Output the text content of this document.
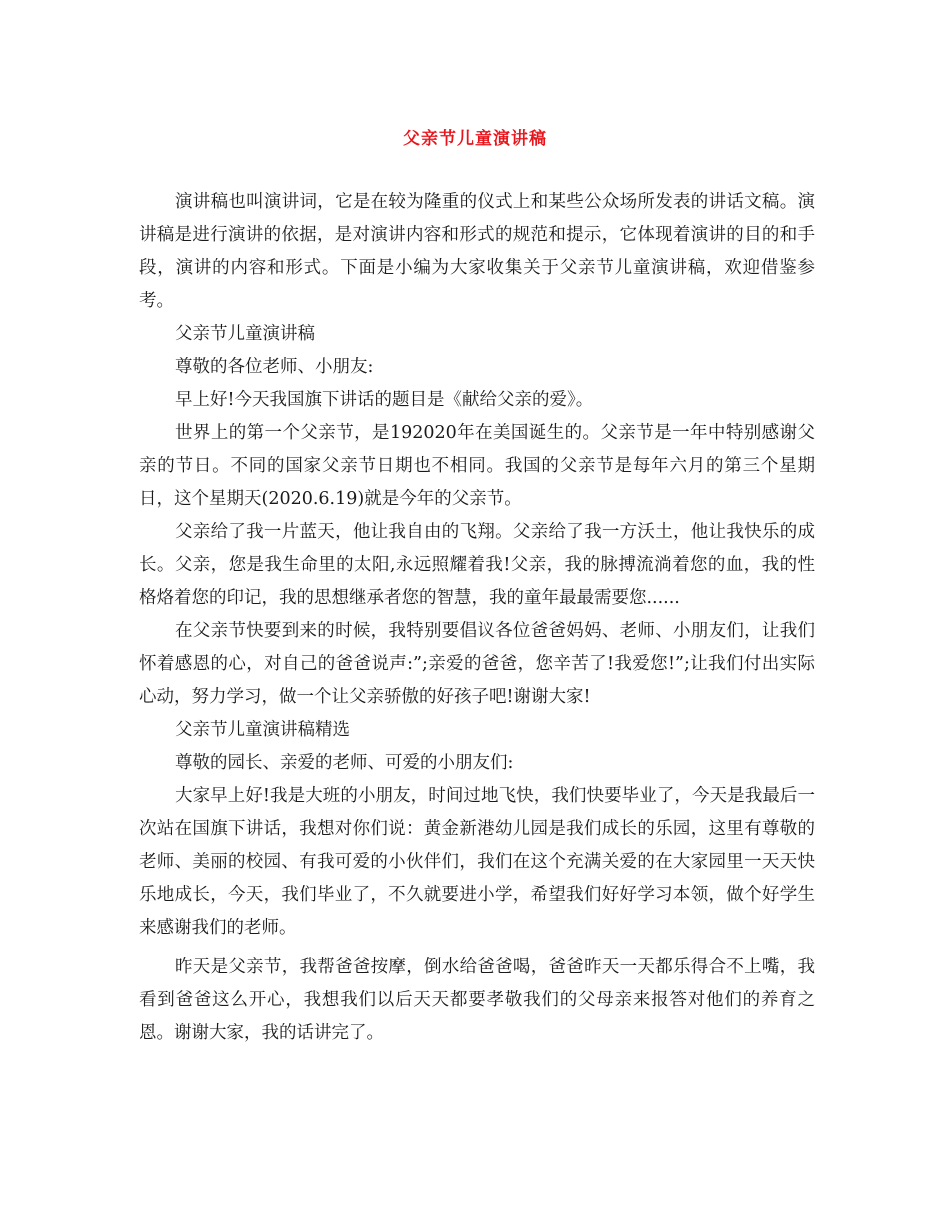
父亲节儿童演讲稿

演讲稿也叫演讲词，它是在较为隆重的仪式上和某些公众场所发表的讲话文稿。演讲稿是进行演讲的依据，是对演讲内容和形式的规范和提示，它体现着演讲的目的和手段，演讲的内容和形式。下面是小编为大家收集关于父亲节儿童演讲稿，欢迎借鉴参考。

父亲节儿童演讲稿

尊敬的各位老师、小朋友:

早上好!今天我国旗下讲话的题目是《献给父亲的爱》。

世界上的第一个父亲节，是192020年在美国诞生的。父亲节是一年中特别感谢父亲的节日。不同的国家父亲节日期也不相同。我国的父亲节是每年六月的第三个星期日，这个星期天(2020.6.19)就是今年的父亲节。

父亲给了我一片蓝天，他让我自由的飞翔。父亲给了我一方沃土，他让我快乐的成长。父亲，您是我生命里的太阳,永远照耀着我!父亲，我的脉搏流淌着您的血，我的性格烙着您的印记，我的思想继承者您的智慧，我的童年最最需要您......

在父亲节快要到来的时候，我特别要倡议各位爸爸妈妈、老师、小朋友们，让我们怀着感恩的心，对自己的爸爸说声:”;亲爱的爸爸，您辛苦了!我爱您!”;让我们付出实际心动，努力学习，做一个让父亲骄傲的好孩子吧!谢谢大家!

父亲节儿童演讲稿精选

尊敬的园长、亲爱的老师、可爱的小朋友们:

大家早上好!我是大班的小朋友，时间过地飞快，我们快要毕业了，今天是我最后一次站在国旗下讲话，我想对你们说：黄金新港幼儿园是我们成长的乐园，这里有尊敬的老师、美丽的校园、有我可爱的小伙伴们，我们在这个充满关爱的在大家园里一天天快乐地成长，今天，我们毕业了，不久就要进小学，希望我们好好学习本领，做个好学生来感谢我们的老师。

昨天是父亲节，我帮爸爸按摩，倒水给爸爸喝，爸爸昨天一天都乐得合不上嘴，我看到爸爸这么开心，我想我们以后天天都要孝敬我们的父母亲来报答对他们的养育之恩。谢谢大家，我的话讲完了。
